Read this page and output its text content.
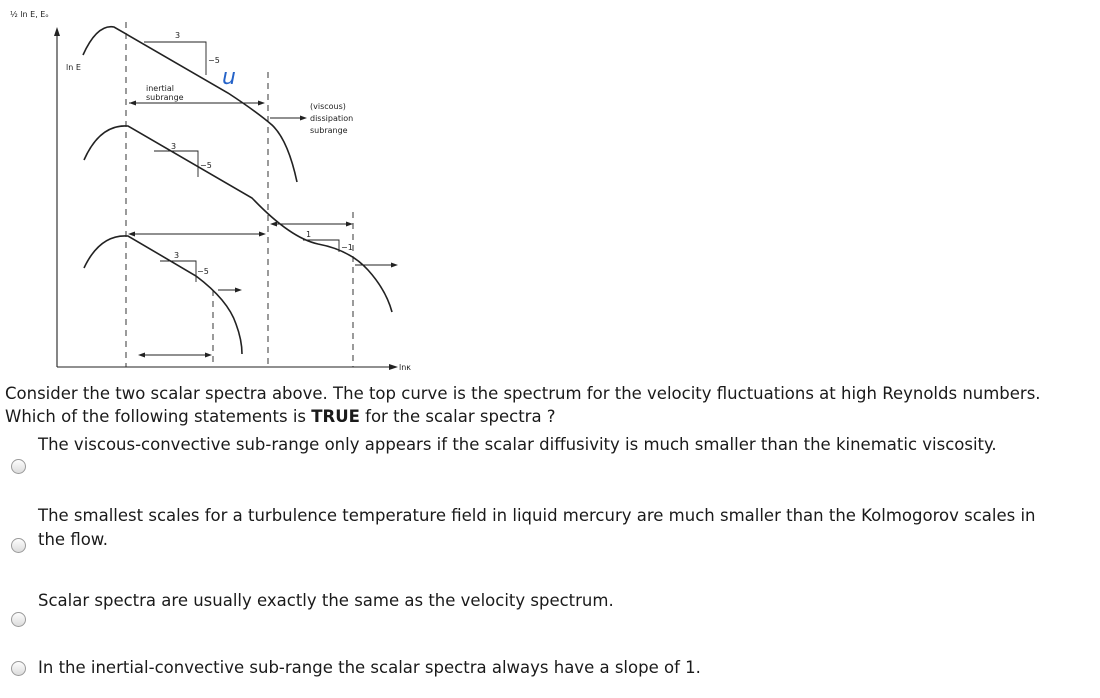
½ ln E, Eₒ
lnκ
ln E
3
−5
u
inertial
subrange
(viscous)
dissipation
subrange
3
−5
1
−1
3
−5
Consider the two scalar spectra above. The top curve is the spectrum for the velocity fluctuations at high Reynolds numbers. Which of the following statements is TRUE for the scalar spectra ?
The viscous-convective sub-range only appears if the scalar diffusivity is much smaller than the kinematic viscosity.
The smallest scales for a turbulence temperature field in liquid mercury are much smaller than the Kolmogorov scales in the flow.
Scalar spectra are usually exactly the same as the velocity spectrum.
In the inertial-convective sub-range the scalar spectra always have a slope of 1.
